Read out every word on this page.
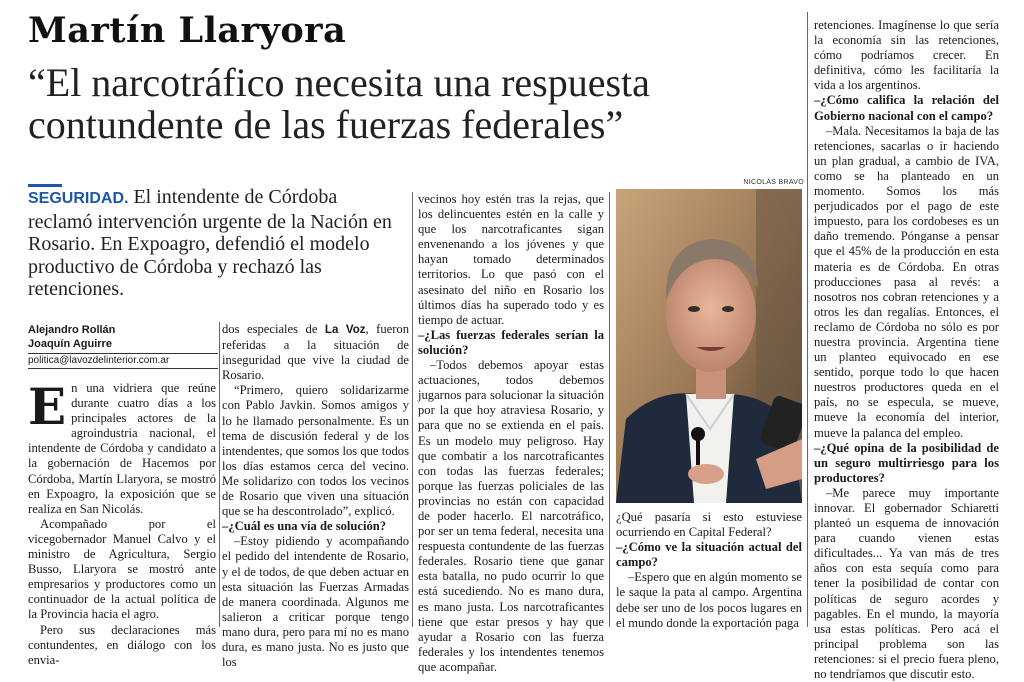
Martín Llaryora
“El narcotráfico necesita una respuesta contundente de las fuerzas federales”
SEGURIDAD. El intendente de Córdoba reclamó intervención urgente de la Nación en Rosario. En Expoagro, defendió el modelo productivo de Córdoba y rechazó las retenciones.
Alejandro Rollán
Joaquín Aguirre
politica@lavozdelinterior.com.ar

En una vidriera que reúne durante cuatro días a los principales actores de la agroindustria nacional, el intendente de Córdoba y candidato a la gobernación de Hacemos por Córdoba, Martín Llaryora, se mostró en Expoagro, la exposición que se realiza en San Nicolás.

Acompañado por el vicegobernador Manuel Calvo y el ministro de Agricultura, Sergio Busso, Llaryora se mostró ante empresarios y productores como un continuador de la actual política de la Provincia hacia el agro.

Pero sus declaraciones más contundentes, en diálogo con los envia-

dos especiales de La Voz, fueron referidas a la situación de inseguridad que vive la ciudad de Rosario.

“Primero, quiero solidarizarme con Pablo Javkin. Somos amigos y lo he llamado personalmente. Es un tema de discusión federal y de los intendentes, que somos los que todos los días estamos cerca del vecino. Me solidarizo con todos los vecinos de Rosario que viven una situación que se ha descontrolado”, explicó.

–¿Cuál es una vía de solución?

–Estoy pidiendo y acompañando el pedido del intendente de Rosario, y el de todos, de que deben actuar en esta situación las Fuerzas Armadas de manera coordinada. Algunos me salieron a criticar porque tengo mano dura, pero para mí no es mano dura, es mano justa. No es justo que los

vecinos hoy estén tras la rejas, que los delincuentes estén en la calle y que los narcotraficantes sigan envenenando a los jóvenes y que hayan tomado determinados territorios. Lo que pasó con el asesinato del niño en Rosario los últimos días ha superado todo y es tiempo de actuar.

–¿Las fuerzas federales serían la solución?

–Todos debemos apoyar estas actuaciones, todos debemos jugarnos para solucionar la situación por la que hoy atraviesa Rosario, y para que no se extienda en el país. Es un modelo muy peligroso. Hay que combatir a los narcotraficantes con todas las fuerzas federales; porque las fuerzas policiales de las provincias no están con capacidad de poder hacerlo. El narcotráfico, por ser un tema federal, necesita una respuesta contundente de las fuerzas federales. Rosario tiene que ganar esta batalla, no pudo ocurrir lo que está sucediendo. No es mano dura, es mano justa. Los narcotraficantes tiene que estar presos y hay que ayudar a Rosario con las fuerza federales y los intendentes tenemos que acompañar.

NICOLÁS BRAVO

¿Qué pasaría si esto estuviese ocurriendo en Capital Federal?

–¿Cómo ve la situación actual del campo?

–Espero que en algún momento se le saque la pata al campo. Argentina debe ser uno de los pocos lugares en el mundo donde la exportación paga

retenciones. Imagínense lo que sería la economía sin las retenciones, cómo podríamos crecer. En definitiva, cómo les facilitaría la vida a los argentinos.

–¿Cómo califica la relación del Gobierno nacional con el campo?

–Mala. Necesitamos la baja de las retenciones, sacarlas o ir haciendo un plan gradual, a cambio de IVA, como se ha planteado en un momento. Somos los más perjudicados por el pago de este impuesto, para los cordobeses es un daño tremendo. Pónganse a pensar que el 45% de la producción en esta materia es de Córdoba. En otras producciones pasa al revés: a nosotros nos cobran retenciones y a otros les dan regalías. Entonces, el reclamo de Córdoba no sólo es por nuestra provincia. Argentina tiene un planteo equivocado en ese sentido, porque todo lo que hacen nuestros productores queda en el país, no se especula, se mueve, mueve la economía del interior, mueve la palanca del empleo.

–¿Qué opina de la posibilidad de un seguro multirriesgo para los productores?

–Me parece muy importante innovar. El gobernador Schiaretti planteó un esquema de innovación para cuando vienen estas dificultades... Ya van más de tres años con esta sequía como para tener la posibilidad de contar con políticas de seguro acordes y pagables. En el mundo, la mayoría usa estas políticas. Pero acá el principal problema son las retenciones: si el precio fuera pleno, no tendríamos que discutir esto.
